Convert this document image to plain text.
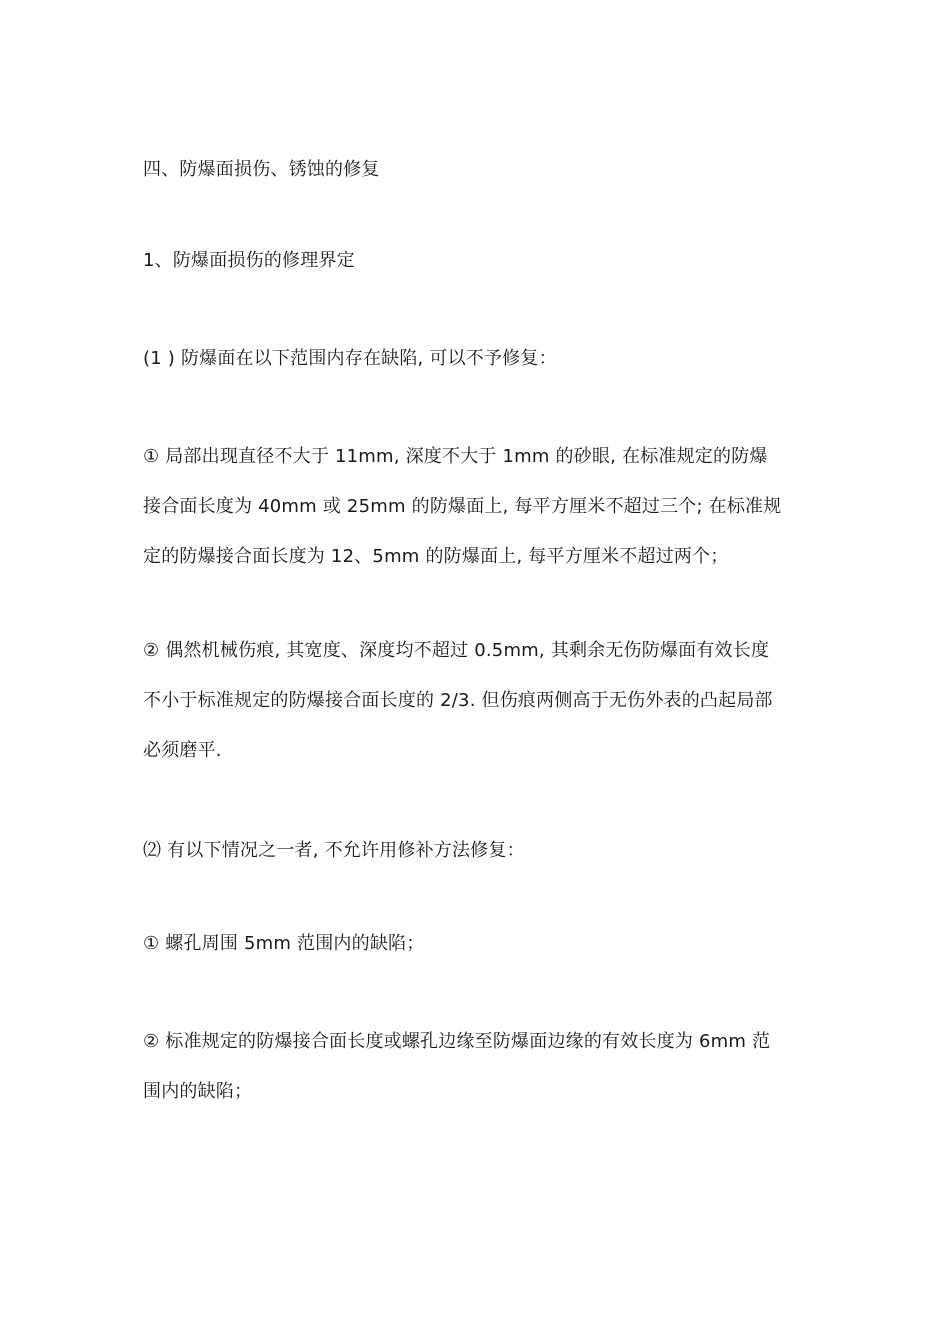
四、防爆面损伤、锈蚀的修复
1、防爆面损伤的修理界定
(1 ) 防爆面在以下范围内存在缺陷, 可以不予修复：
① 局部出现直径不大于 11mm, 深度不大于 1mm 的砂眼, 在标准规定的防爆
接合面长度为 40mm 或 25mm 的防爆面上, 每平方厘米不超过三个; 在标准规
定的防爆接合面长度为 12、5mm 的防爆面上, 每平方厘米不超过两个；
② 偶然机械伤痕, 其宽度、深度均不超过 0.5mm, 其剩余无伤防爆面有效长度
不小于标准规定的防爆接合面长度的 2/3. 但伤痕两侧高于无伤外表的凸起局部
必须磨平.
⑵ 有以下情况之一者, 不允许用修补方法修复：
① 螺孔周围 5mm 范围内的缺陷；
② 标准规定的防爆接合面长度或螺孔边缘至防爆面边缘的有效长度为 6mm 范
围内的缺陷；
